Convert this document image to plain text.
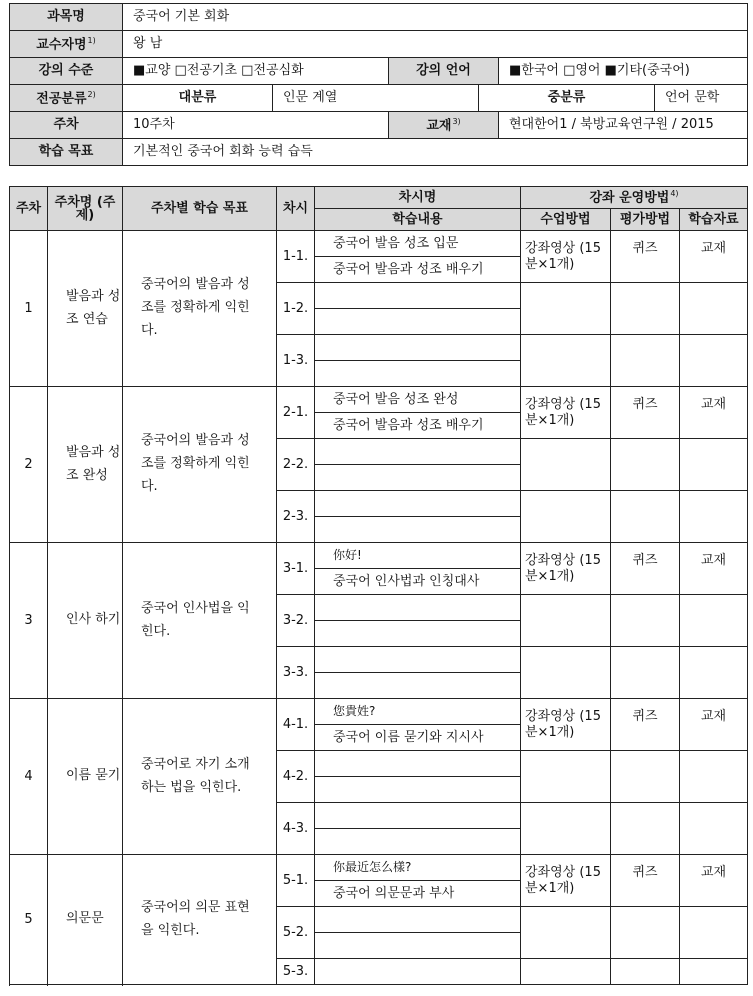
과목명	중국어 기본 회화					
교수자명$^{1)}$	왕 남					
강의 수준	■교양 □전공기초 □전공심화		강의 언어		■한국어 □영어 ■기타(중국어)	
전공분류$^{2)}$	대분류	인문 계열		중분류		언어 문학
주차	10주차		교재$^{3)}$		현대한어1 / 북방교육연구원 / 2015	
학습 목표	기본적인 중국어 회화 능력 습득					
주차	주차명 (주제)	주차별 학습 목표	차시	차시명	강좌 운영방법$^{4)}$
				학습내용	수업방법	평가방법	학습자료
1	발음과 성조 연습	중국어의 발음과 성조를 정확하게 익힌다.	1-1.	중국어 발음 성조 입문	강좌영상 (15분×1개)	퀴즈	교재
				중국어 발음과 성조 배우기			
			1-2.				

			1-3.				

2	발음과 성조 완성	중국어의 발음과 성조를 정확하게 익힌다.	2-1.	중국어 발음 성조 완성	강좌영상 (15분×1개)	퀴즈	교재
				중국어 발음과 성조 배우기			
			2-2.				

			2-3.				

3	인사 하기	중국어 인사법을 익힌다.	3-1.	你好!	강좌영상 (15분×1개)	퀴즈	교재
				중국어 인사법과 인칭대사			
			3-2.				

			3-3.				

4	이름 묻기	중국어로 자기 소개하는 법을 익힌다.	4-1.	您貴姓?	강좌영상 (15분×1개)	퀴즈	교재
				중국어 이름 묻기와 지시사			
			4-2.				

			4-3.				

5	의문문	중국어의 의문 표현을 익힌다.	5-1.	你最近怎么樣?	강좌영상 (15분×1개)	퀴즈	교재
				중국어 의문문과 부사			
			5-2.				

			5-3.				
